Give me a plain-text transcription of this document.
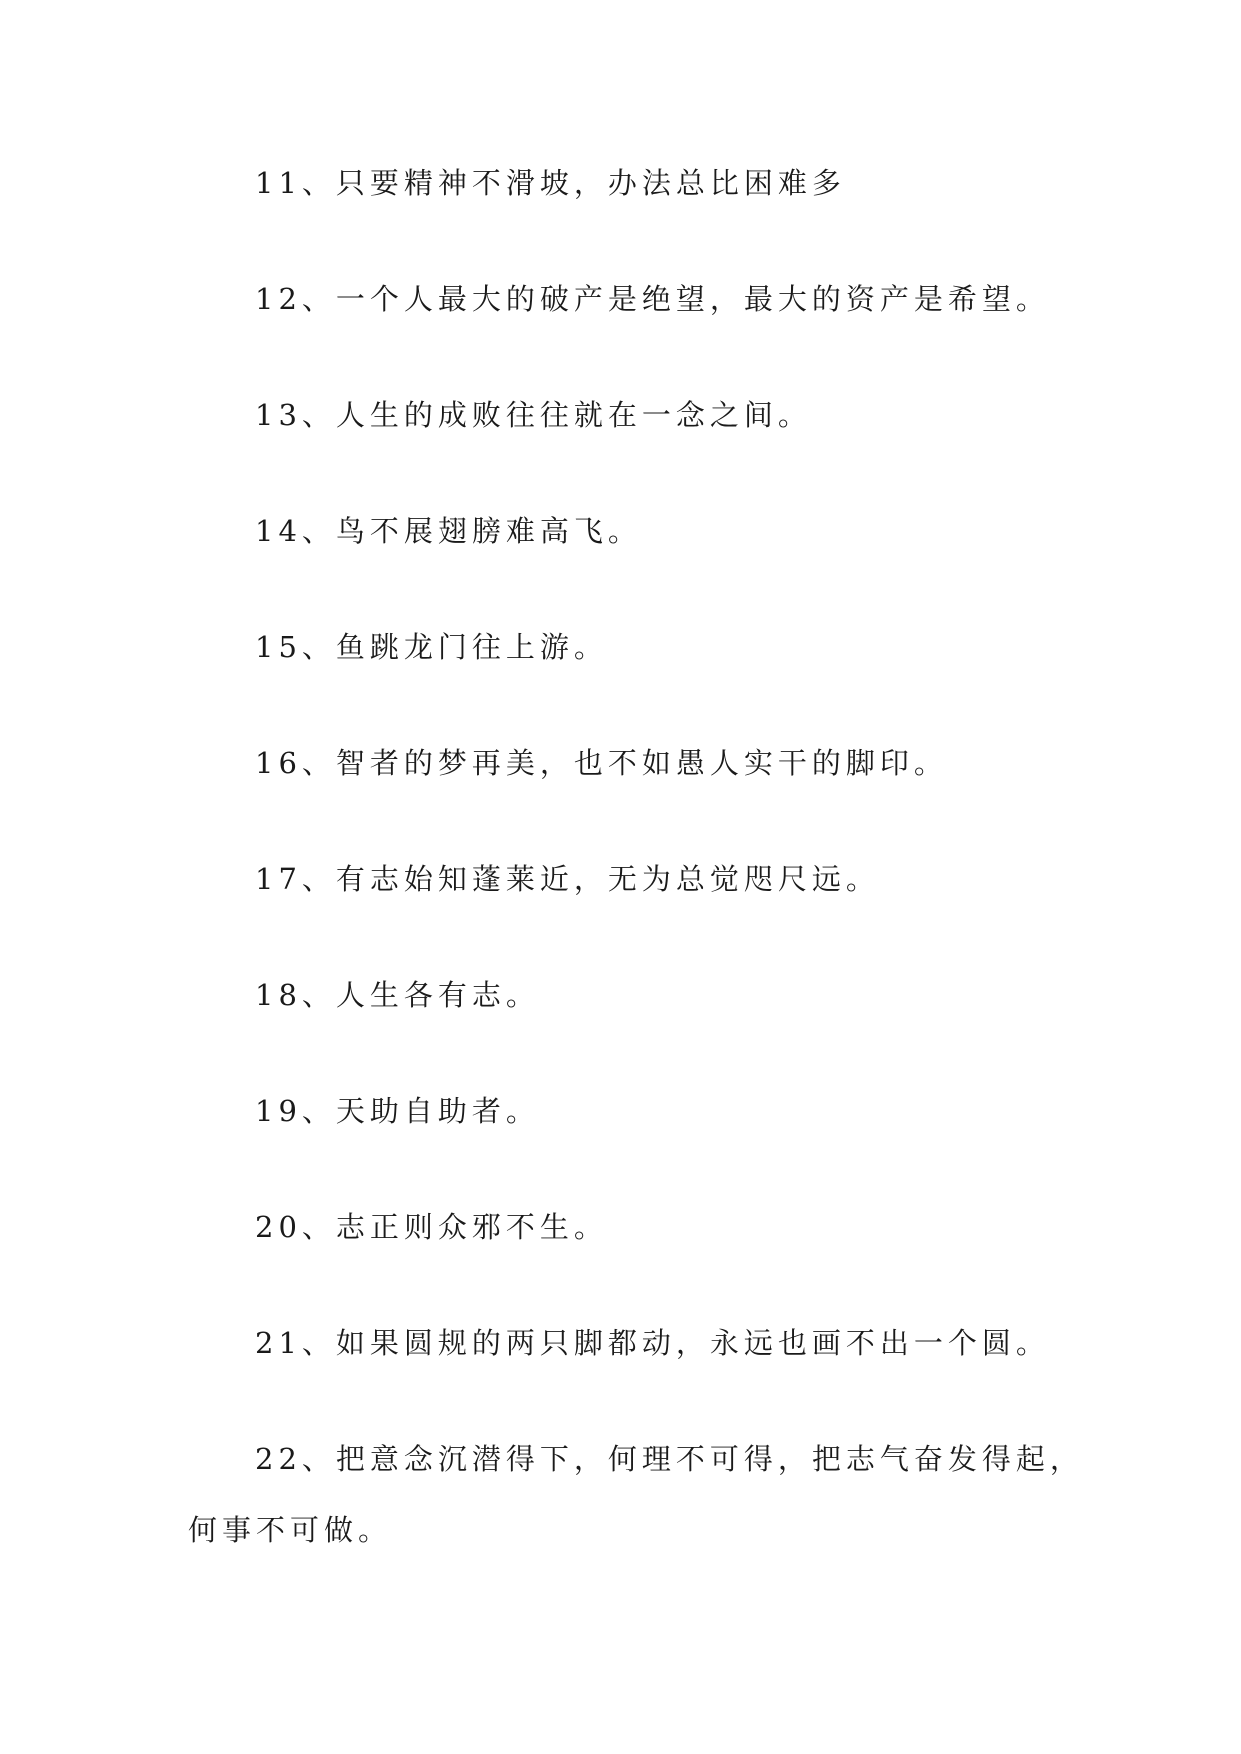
11、只要精神不滑坡，办法总比困难多

12、一个人最大的破产是绝望，最大的资产是希望。

13、人生的成败往往就在一念之间。

14、鸟不展翅膀难高飞。

15、鱼跳龙门往上游。

16、智者的梦再美，也不如愚人实干的脚印。

17、有志始知蓬莱近，无为总觉咫尺远。

18、人生各有志。

19、天助自助者。

20、志正则众邪不生。

21、如果圆规的两只脚都动，永远也画不出一个圆。

22、把意念沉潜得下，何理不可得，把志气奋发得起，何事不可做。
